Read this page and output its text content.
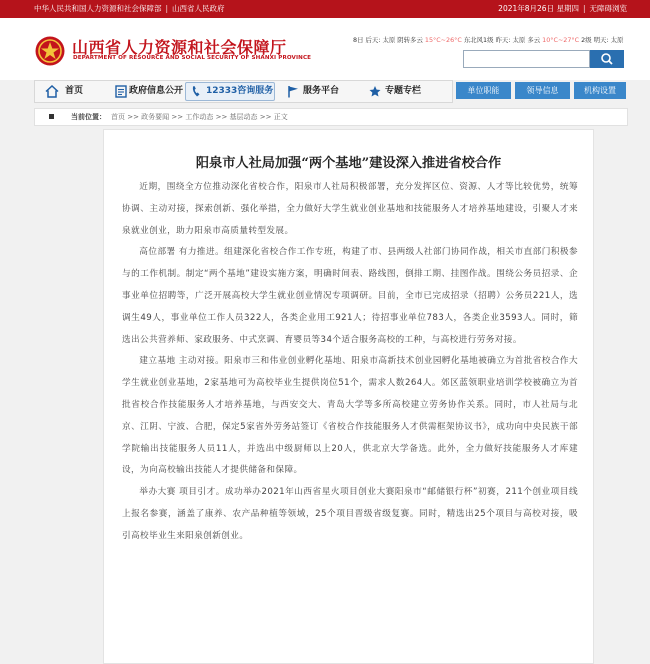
中华人民共和国人力资源和社会保障部 | 山西省人民政府	2021年8月26日 星期四 | 无障碍浏览
山西省人力资源和社会保障厅
DEPARTMENT OF RESOURCE AND SOCIAL SECURITY OF SHANXI PROVINCE
8日 后天: 太原 阴转多云 15°C~26°C 东北风1级 昨天: 太原 多云 10°C~27°C 2级 明天: 太原
首页	政府信息公开	12333咨询服务	服务平台	专题专栏	单位职能	领导信息	机构设置
当前位置： 首页 >> 政务要闻 >> 工作动态 >> 基层动态 >> 正文
阳泉市人社局加强“两个基地”建设深入推进省校合作

近期，围绕全方位推动深化省校合作，阳泉市人社局积极部署，充分发挥区位、资源、人才等比较优势，统筹协调、主动对接，探索创新、强化举措，全力做好大学生就业创业基地和技能服务人才培养基地建设，引聚人才来泉就业创业，助力阳泉市高质量转型发展。

高位部署 有力推进。组建深化省校合作工作专班，构建了市、县两级人社部门协同作战，相关市直部门积极参与的工作机制。制定“两个基地”建设实施方案，明确时间表、路线图，倒排工期、挂图作战。围绕公务员招录、企事业单位招聘等，广泛开展高校大学生就业创业情况专项调研。目前，全市已完成招录（招聘）公务员221人，选调生49人，事业单位工作人员322人，各类企业用工921人；待招事业单位783人，各类企业3593人。同时，筛选出公共营养师、家政服务、中式烹调、育婴员等34个适合服务高校的工种，与高校进行劳务对接。

建立基地 主动对接。阳泉市三和伟业创业孵化基地、阳泉市高新技术创业园孵化基地被确立为首批省校合作大学生就业创业基地，2家基地可为高校毕业生提供岗位51个，需求人数264人。郊区蓝领职业培训学校被确立为首批省校合作技能服务人才培养基地，与西安交大、青岛大学等多所高校建立劳务协作关系。同时，市人社局与北京、江阴、宁波、合肥，保定5家省外劳务站签订《省校合作技能服务人才供需框架协议书》，成功向中央民族干部学院输出技能服务人员11人，并选出中级厨师以上20人，供北京大学备选。此外，全力做好技能服务人才库建设，为向高校输出技能人才提供储备和保障。

举办大赛 项目引才。成功举办2021年山西省星火项目创业大赛阳泉市“邮储银行杯”初赛，211个创业项目线上报名参赛，涵盖了康养、农产品种植等领域，25个项目晋级省级复赛。同时，精选出25个项目与高校对接，吸引高校毕业生来阳泉创新创业。
